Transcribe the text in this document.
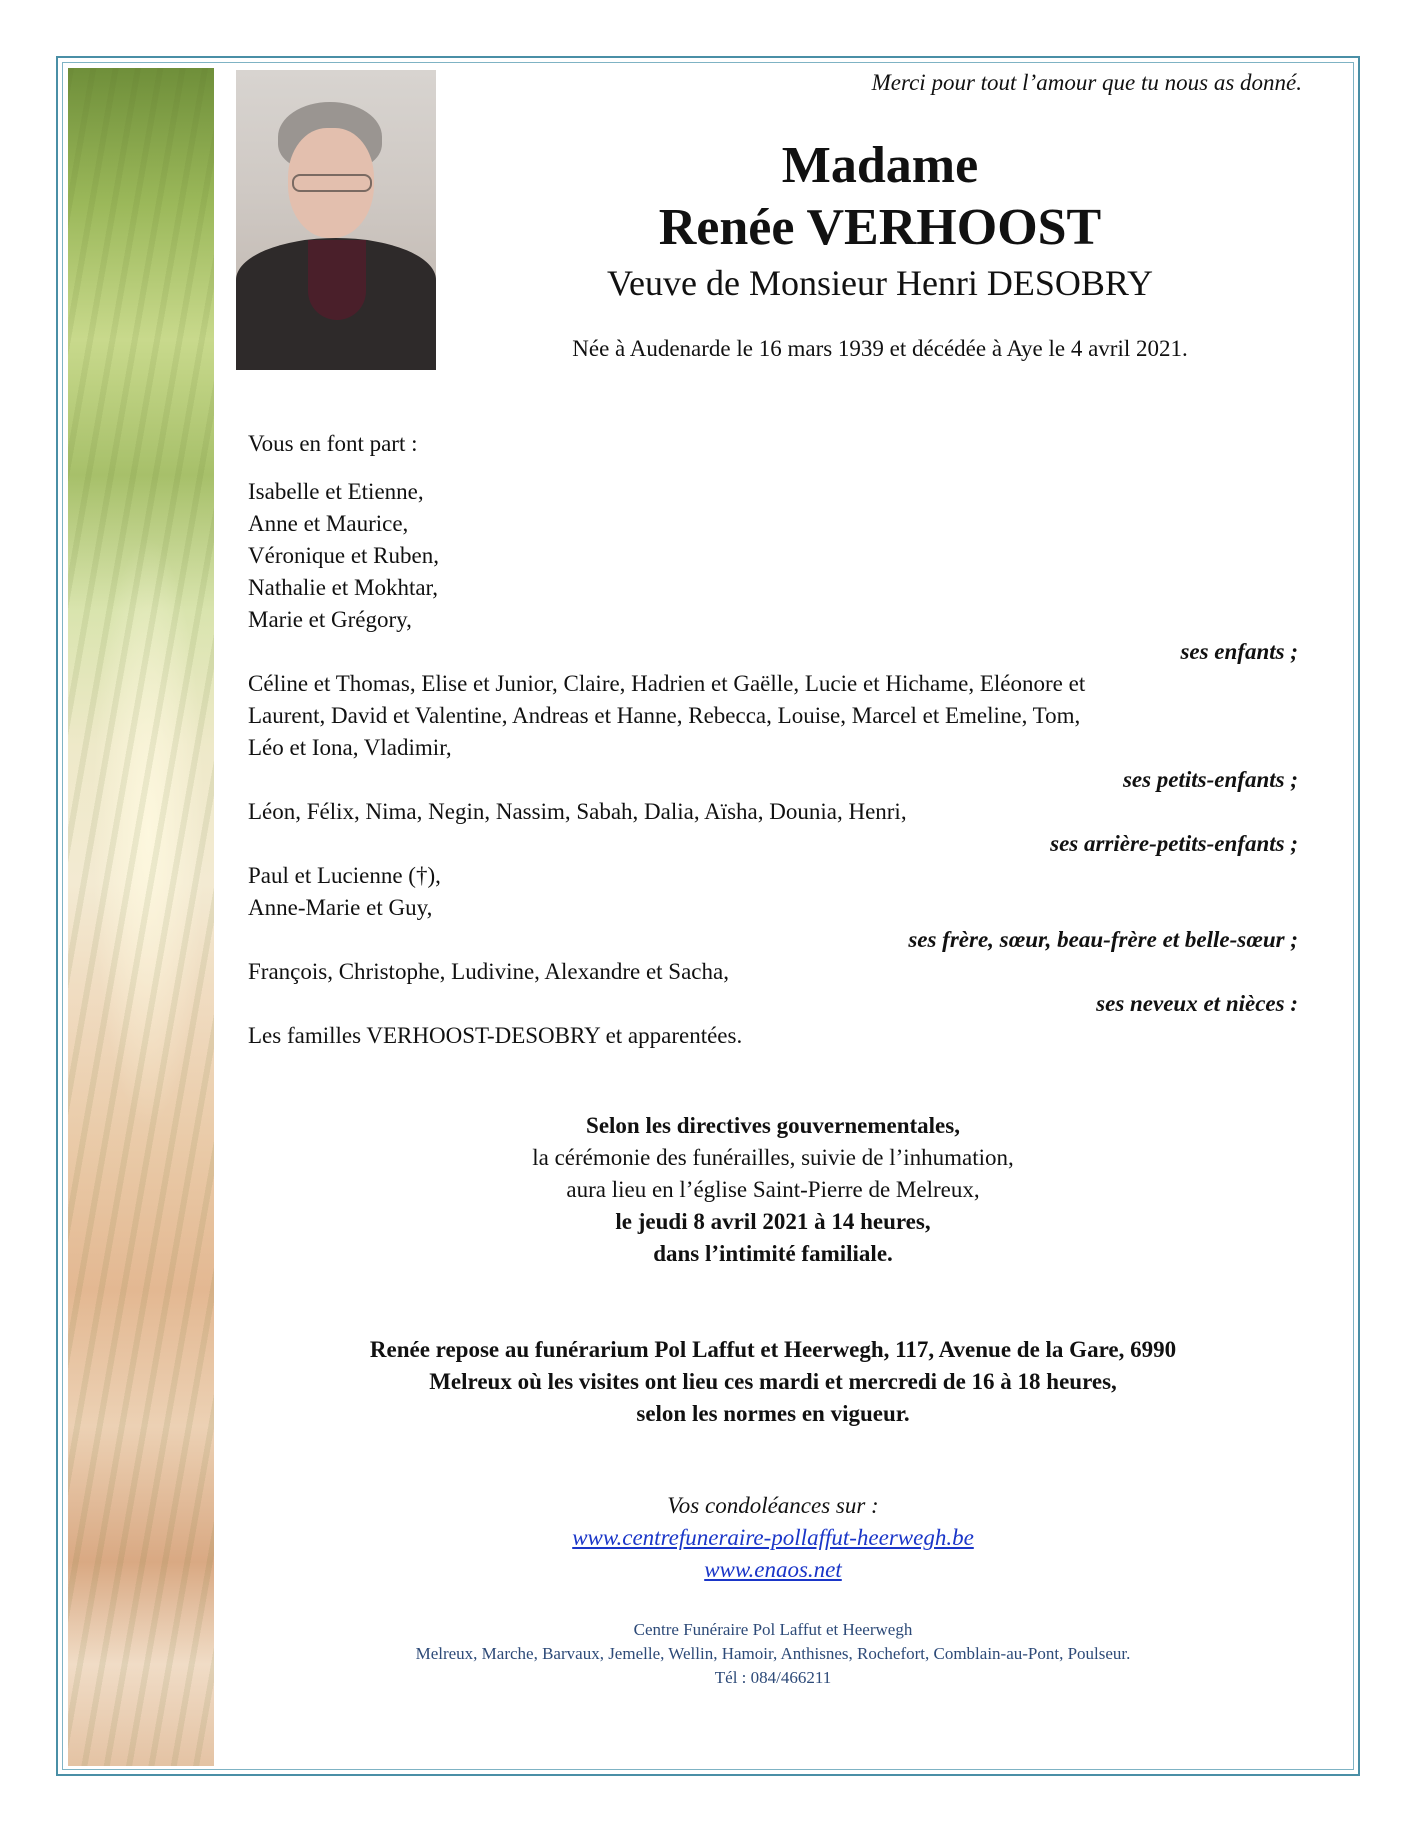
Merci pour tout l’amour que tu nous as donné.
Madame
Renée VERHOOST
Veuve de Monsieur Henri DESOBRY
Née à Audenarde le 16 mars 1939 et décédée à Aye le 4 avril 2021.
Vous en font part :
Isabelle et Etienne,
Anne et Maurice,
Véronique et Ruben,
Nathalie et Mokhtar,
Marie et Grégory,
ses enfants ;
Céline et Thomas, Elise et Junior, Claire, Hadrien et Gaëlle, Lucie et Hichame, Eléonore et
Laurent, David et Valentine, Andreas et Hanne, Rebecca, Louise, Marcel et Emeline, Tom,
Léo et Iona, Vladimir,
ses petits-enfants ;
Léon, Félix, Nima, Negin, Nassim, Sabah, Dalia, Aïsha, Dounia, Henri,
ses arrière-petits-enfants ;
Paul et Lucienne (†),
Anne-Marie et Guy,
ses frère, sœur, beau-frère et belle-sœur ;
François, Christophe, Ludivine, Alexandre et Sacha,
ses neveux et nièces :
Les familles VERHOOST-DESOBRY et apparentées.
Selon les directives gouvernementales,
la cérémonie des funérailles, suivie de l’inhumation,
aura lieu en l’église Saint-Pierre de Melreux,
le jeudi 8 avril 2021 à 14 heures,
dans l’intimité familiale.
Renée repose au funérarium Pol Laffut et Heerwegh, 117, Avenue de la Gare, 6990
Melreux où les visites ont lieu ces mardi et mercredi de 16 à 18 heures,
selon les normes en vigueur.
Vos condoléances sur :
www.centrefuneraire-pollaffut-heerwegh.be
www.enaos.net
Centre Funéraire Pol Laffut et Heerwegh
Melreux, Marche, Barvaux, Jemelle, Wellin, Hamoir, Anthisnes, Rochefort, Comblain-au-Pont, Poulseur.
Tél : 084/466211
